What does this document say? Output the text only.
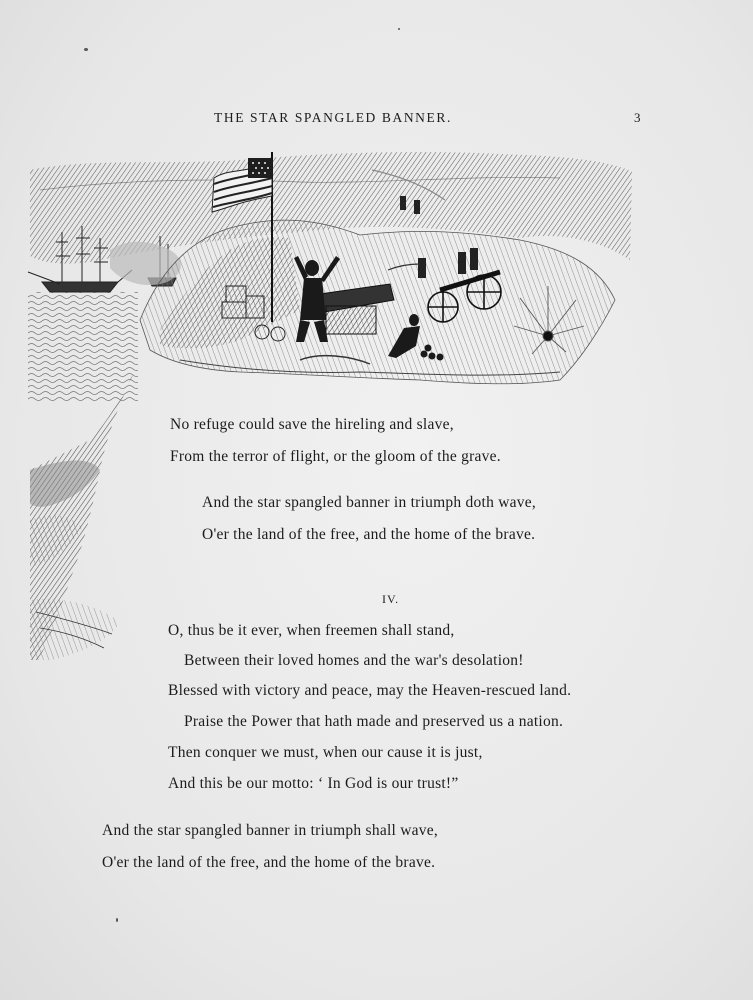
THE STAR SPANGLED BANNER.	3
No refuge could save the hireling and slave,
From the terror of flight, or the gloom of the grave.
And the star spangled banner in triumph doth wave,
O'er the land of the free, and the home of the brave.
IV.
O, thus be it ever, when freemen shall stand,
Between their loved homes and the war's desolation!
Blessed with victory and peace, may the Heaven-rescued land.
Praise the Power that hath made and preserved us a nation.
Then conquer we must, when our cause it is just,
And this be our motto: ‘ In God is our trust!”
And the star spangled banner in triumph shall wave,
O'er the land of the free, and the home of the brave.
